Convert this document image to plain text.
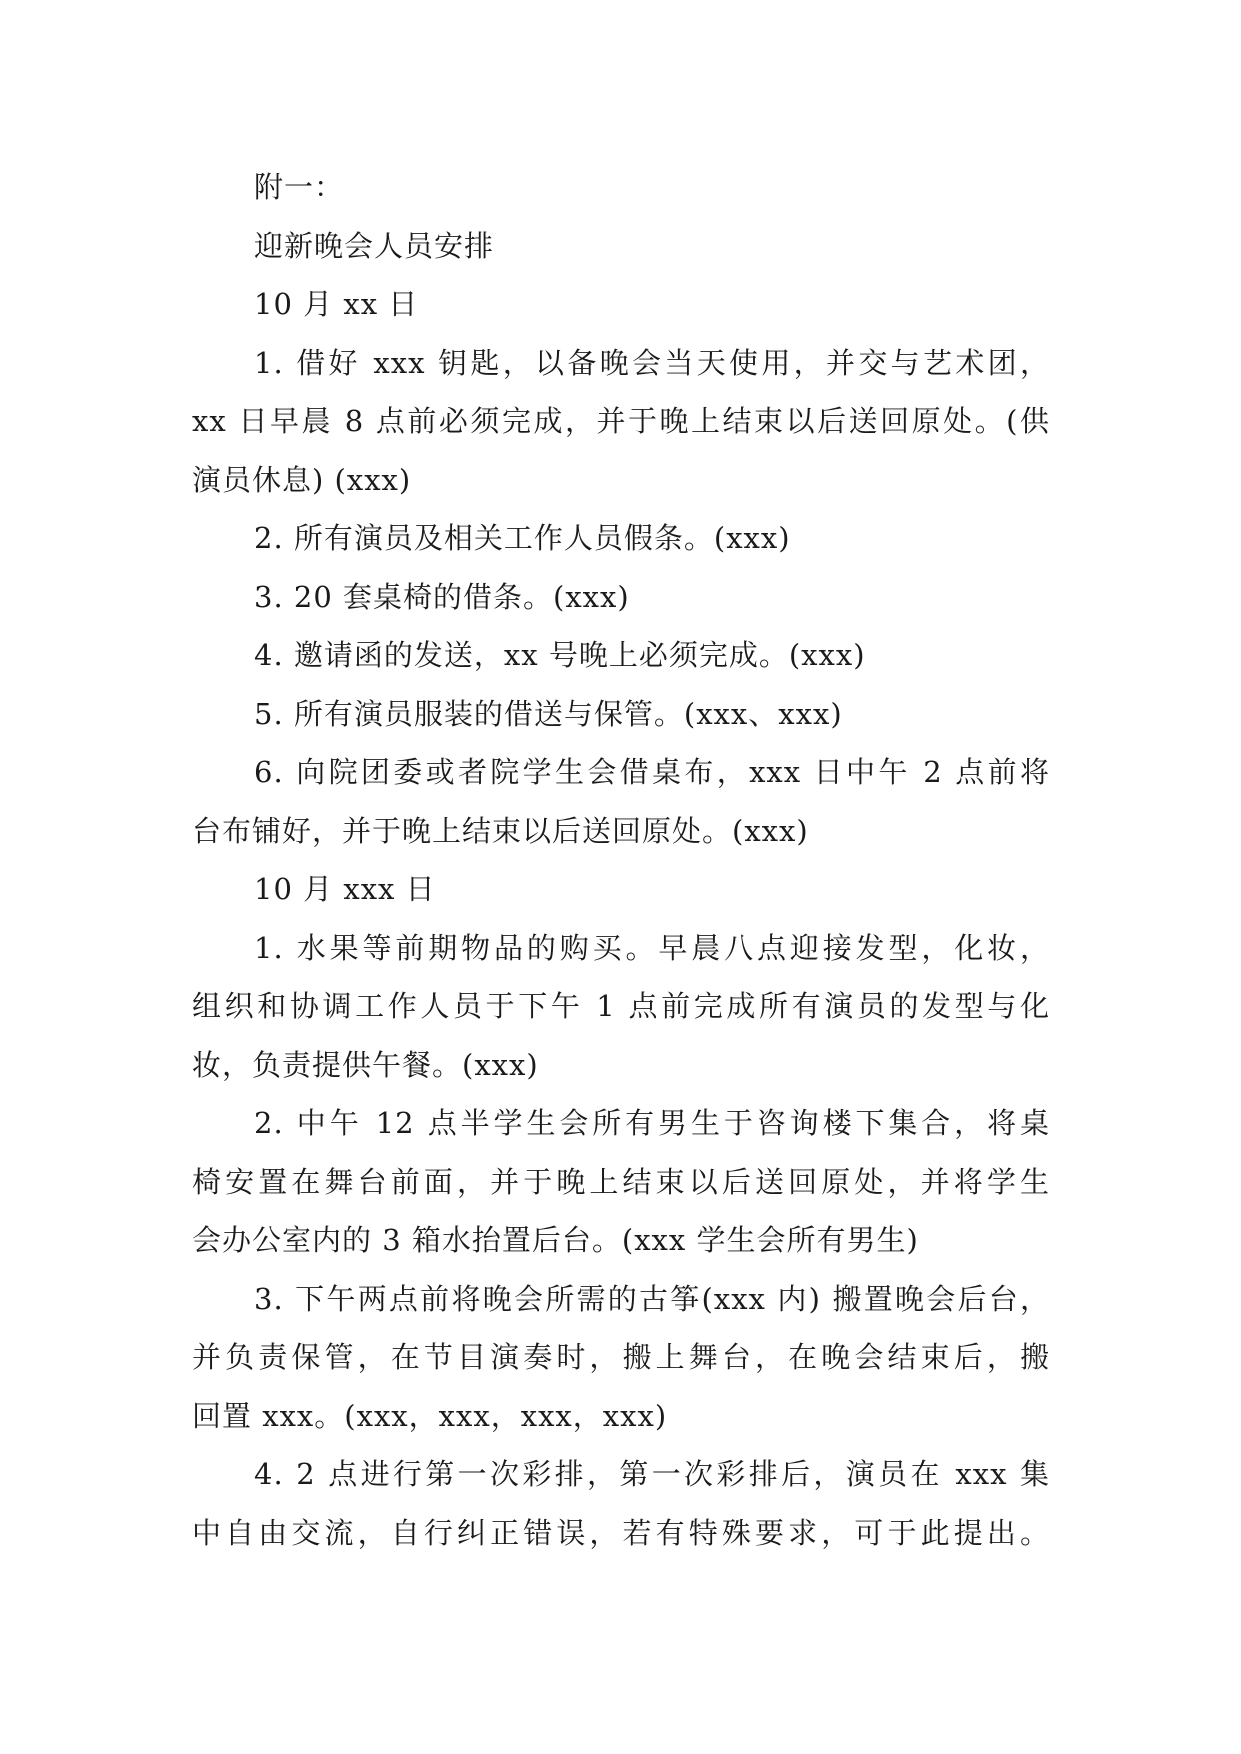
附一：
迎新晚会人员安排
10 月 xx 日
1. 借好 xxx 钥匙，以备晚会当天使用，并交与艺术团，
xx 日早晨 8 点前必须完成，并于晚上结束以后送回原处。(供
演员休息) (xxx)
2. 所有演员及相关工作人员假条。(xxx)
3. 20 套桌椅的借条。(xxx)
4. 邀请函的发送，xx 号晚上必须完成。(xxx)
5. 所有演员服装的借送与保管。(xxx、xxx)
6. 向院团委或者院学生会借桌布，xxx 日中午 2 点前将
台布铺好，并于晚上结束以后送回原处。(xxx)
10 月 xxx 日
1. 水果等前期物品的购买。早晨八点迎接发型，化妆，
组织和协调工作人员于下午 1 点前完成所有演员的发型与化
妆，负责提供午餐。(xxx)
2. 中午 12 点半学生会所有男生于咨询楼下集合，将桌
椅安置在舞台前面，并于晚上结束以后送回原处，并将学生
会办公室内的 3 箱水抬置后台。(xxx 学生会所有男生)
3. 下午两点前将晚会所需的古筝(xxx 内) 搬置晚会后台，
并负责保管，在节目演奏时，搬上舞台，在晚会结束后，搬
回置 xxx。(xxx，xxx，xxx，xxx)
4. 2 点进行第一次彩排，第一次彩排后，演员在 xxx 集
中自由交流，自行纠正错误，若有特殊要求，可于此提出。
